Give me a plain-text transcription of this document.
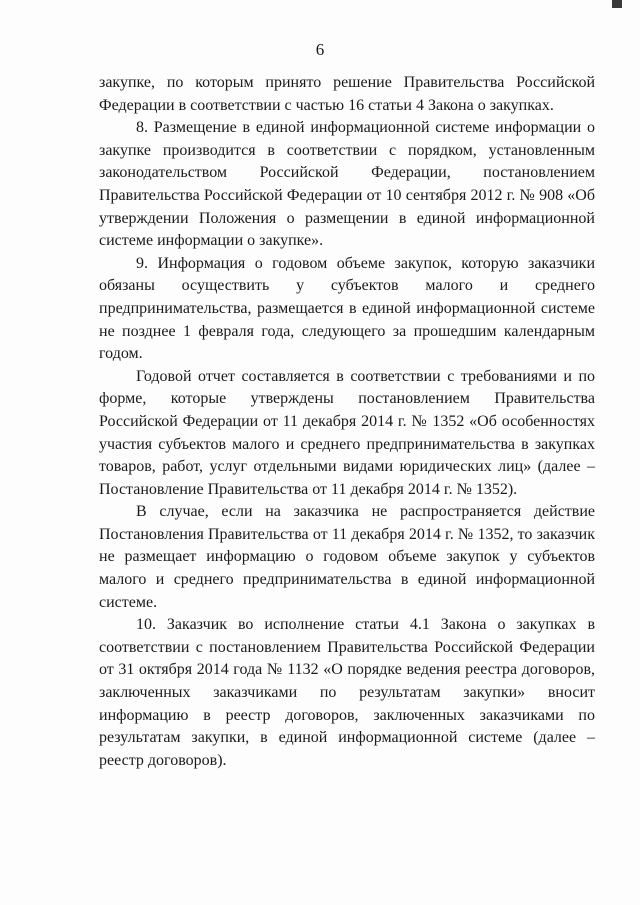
6

закупке, по которым принято решение Правительства Российской Федерации в соответствии с частью 16 статьи 4 Закона о закупках.

8. Размещение в единой информационной системе информации о закупке производится в соответствии с порядком, установленным законодательством Российской Федерации, постановлением Правительства Российской Федерации от 10 сентября 2012 г. № 908 «Об утверждении Положения о размещении в единой информационной системе информации о закупке».

9. Информация о годовом объеме закупок, которую заказчики обязаны осуществить у субъектов малого и среднего предпринимательства, размещается в единой информационной системе не позднее 1 февраля года, следующего за прошедшим календарным годом.

Годовой отчет составляется в соответствии с требованиями и по форме, которые утверждены постановлением Правительства Российской Федерации от 11 декабря 2014 г. № 1352 «Об особенностях участия субъектов малого и среднего предпринимательства в закупках товаров, работ, услуг отдельными видами юридических лиц» (далее – Постановление Правительства от 11 декабря 2014 г. № 1352).

В случае, если на заказчика не распространяется действие Постановления Правительства от 11 декабря 2014 г. № 1352, то заказчик не размещает информацию о годовом объеме закупок у субъектов малого и среднего предпринимательства в единой информационной системе.

10. Заказчик во исполнение статьи 4.1 Закона о закупках в соответствии с постановлением Правительства Российской Федерации от 31 октября 2014 года № 1132 «О порядке ведения реестра договоров, заключенных заказчиками по результатам закупки» вносит информацию в реестр договоров, заключенных заказчиками по результатам закупки, в единой информационной системе (далее – реестр договоров).
